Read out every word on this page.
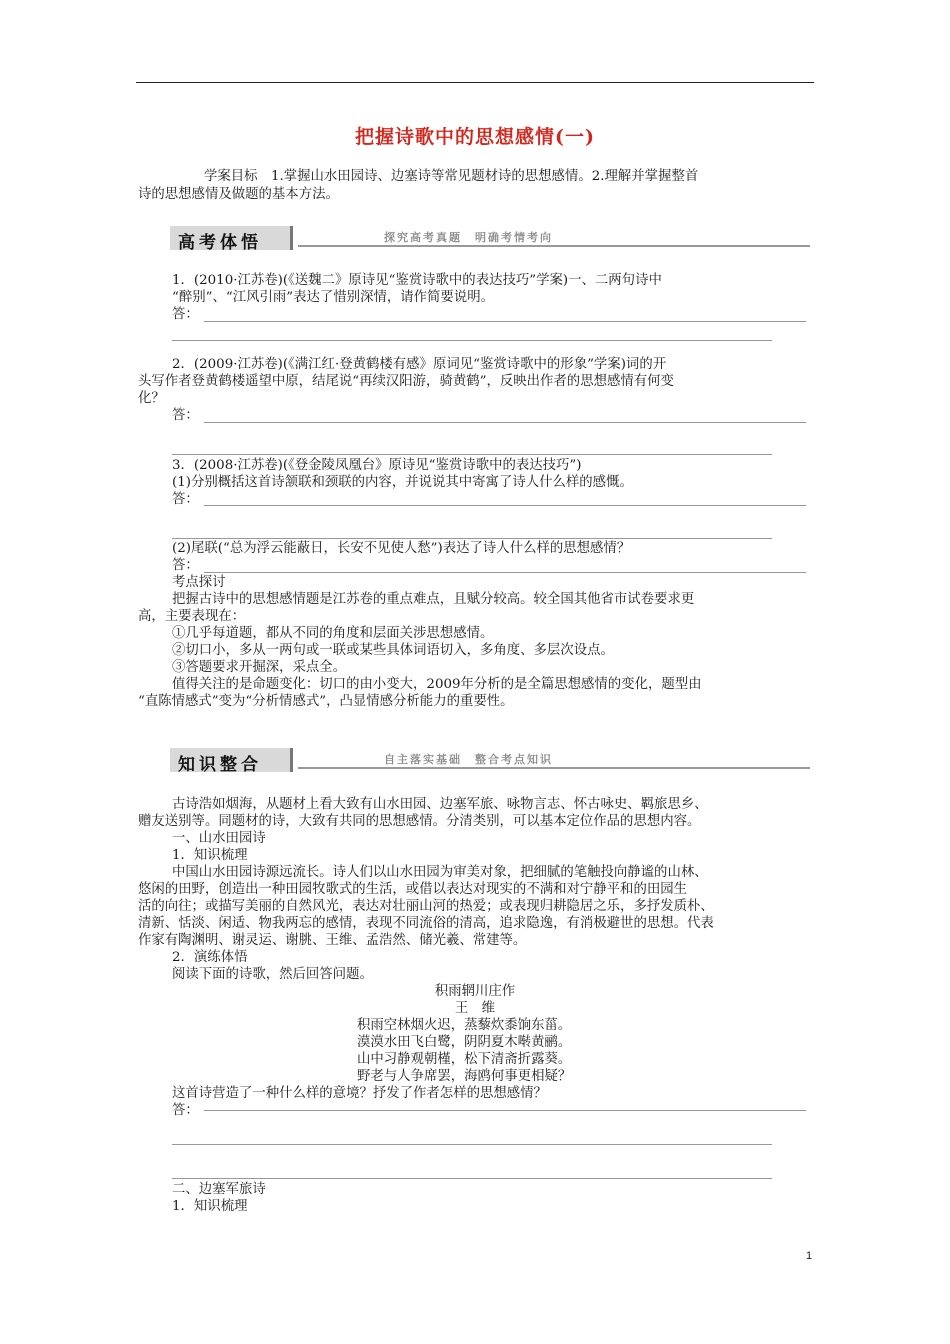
把握诗歌中的思想感情(一)
学案目标　1.掌握山水田园诗、边塞诗等常见题材诗的思想感情。2.理解并掌握整首
诗的思想感情及做题的基本方法。
高考体悟	探究高考真题　明确考情考向
1．(2010·江苏卷)(《送魏二》原诗见“鉴赏诗歌中的表达技巧”学案)一、二两句诗中
“醉别”、“江风引雨”表达了惜别深情，请作简要说明。
答：
2．(2009·江苏卷)(《满江红·登黄鹤楼有感》原词见“鉴赏诗歌中的形象”学案)词的开
头写作者登黄鹤楼遥望中原，结尾说“再续汉阳游，骑黄鹤”，反映出作者的思想感情有何变
化？
答：
3．(2008·江苏卷)(《登金陵凤凰台》原诗见“鉴赏诗歌中的表达技巧”)
(1)分别概括这首诗颔联和颈联的内容，并说说其中寄寓了诗人什么样的感慨。
答：
(2)尾联(“总为浮云能蔽日，长安不见使人愁”)表达了诗人什么样的思想感情？
答：
考点探讨
把握古诗中的思想感情题是江苏卷的重点难点，且赋分较高。较全国其他省市试卷要求更
高，主要表现在：
①几乎每道题，都从不同的角度和层面关涉思想感情。
②切口小，多从一两句或一联或某些具体词语切入，多角度、多层次设点。
③答题要求开掘深，采点全。
值得关注的是命题变化：切口的由小变大，2009年分析的是全篇思想感情的变化，题型由
“直陈情感式”变为“分析情感式”，凸显情感分析能力的重要性。
知识整合	自主落实基础　整合考点知识
古诗浩如烟海，从题材上看大致有山水田园、边塞军旅、咏物言志、怀古咏史、羁旅思乡、
赠友送别等。同题材的诗，大致有共同的思想感情。分清类别，可以基本定位作品的思想内容。
一、山水田园诗
1．知识梳理
中国山水田园诗源远流长。诗人们以山水田园为审美对象，把细腻的笔触投向静谧的山林、
悠闲的田野，创造出一种田园牧歌式的生活，或借以表达对现实的不满和对宁静平和的田园生
活的向往；或描写美丽的自然风光，表达对壮丽山河的热爱；或表现归耕隐居之乐，多抒发质朴、
清新、恬淡、闲适、物我两忘的感情，表现不同流俗的清高，追求隐逸，有消极避世的思想。代表
作家有陶渊明、谢灵运、谢朓、王维、孟浩然、储光羲、常建等。
2．演练体悟
阅读下面的诗歌，然后回答问题。
积雨辋川庄作
王　维
积雨空林烟火迟，蒸藜炊黍饷东菑。
漠漠水田飞白鹭，阴阴夏木啭黄鹂。
山中习静观朝槿，松下清斋折露葵。
野老与人争席罢，海鸥何事更相疑？
这首诗营造了一种什么样的意境？抒发了作者怎样的思想感情？
答：
二、边塞军旅诗
1．知识梳理
1
